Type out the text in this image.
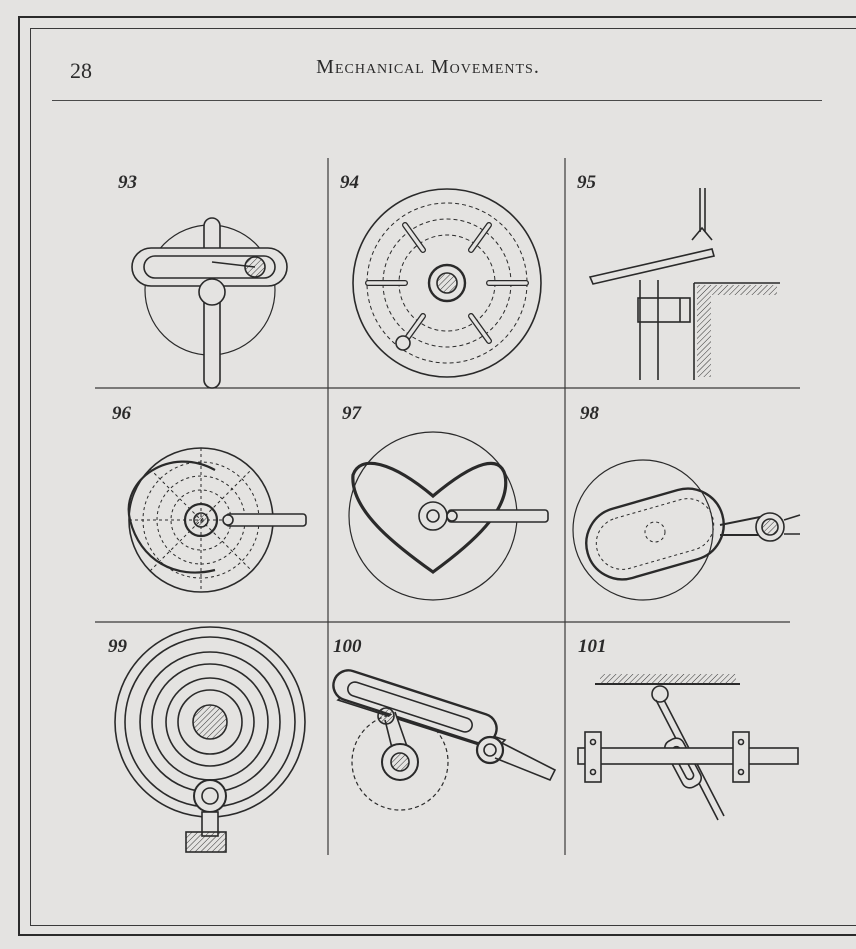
28	Mechanical Movements.
93	94	95
96	97	98
99	100	101
